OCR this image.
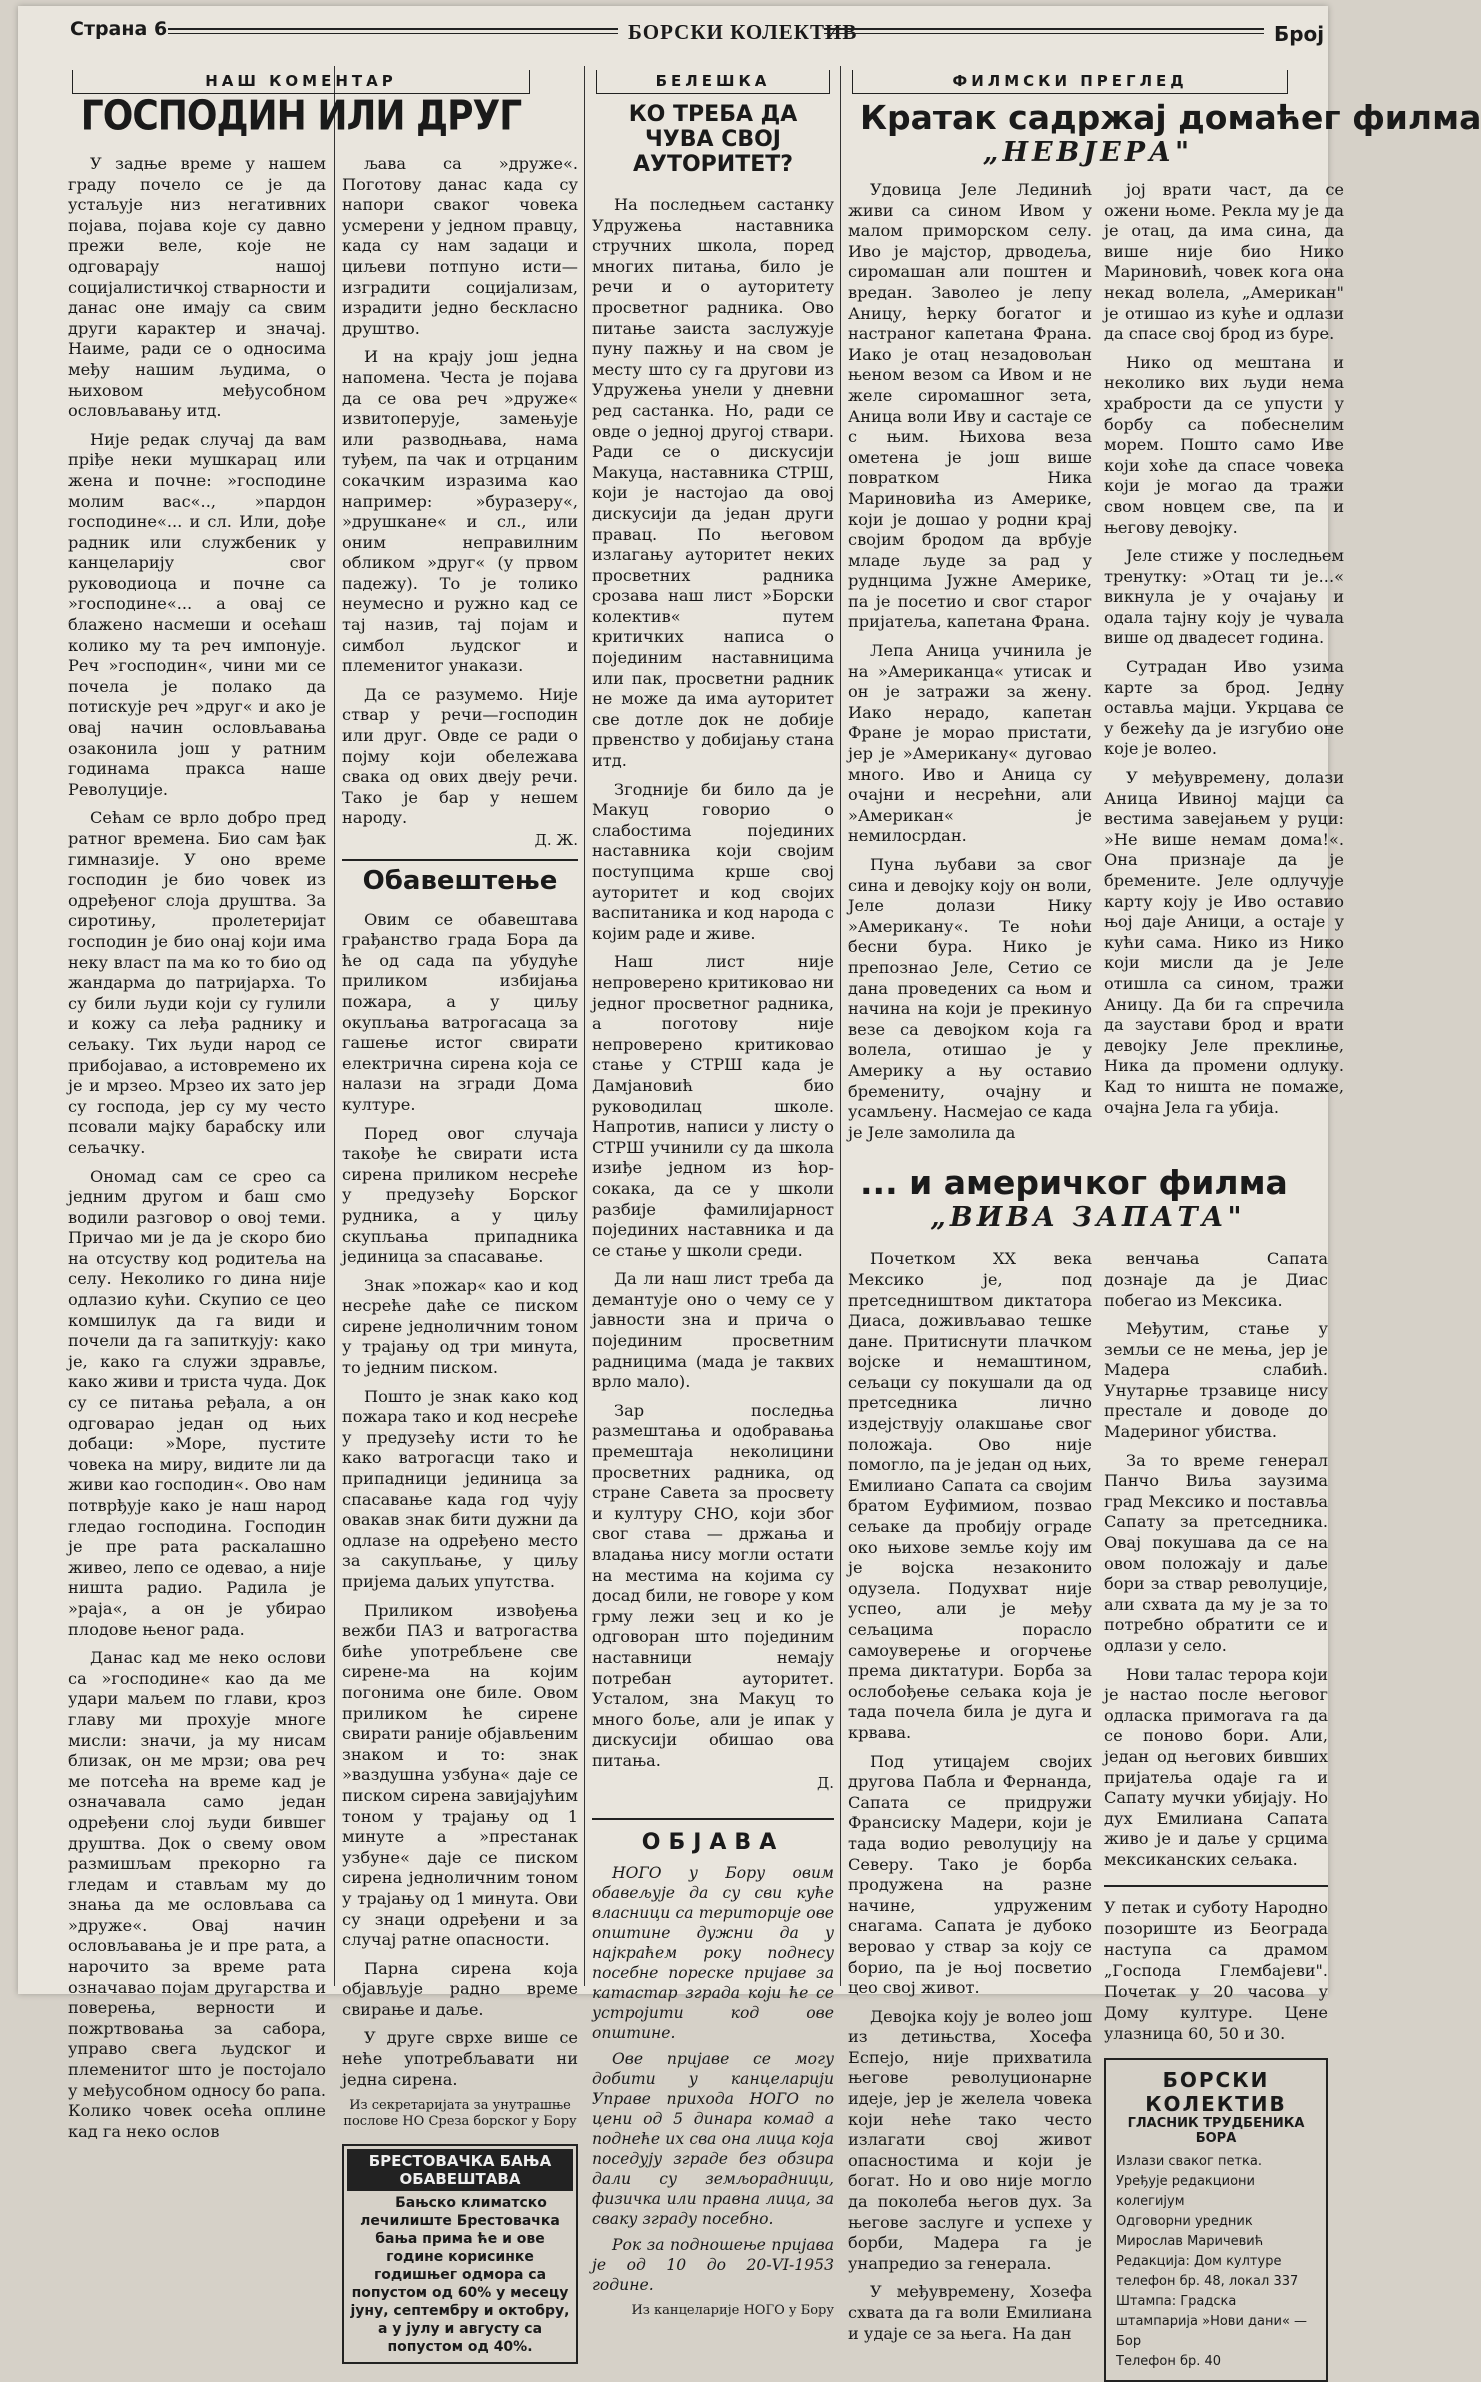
Страна 6	БОРСКИ КОЛЕКТИВ	Број
НАШ КОМЕНТАР
ГОСПОДИН ИЛИ ДРУГ

У задње време у нашем граду почело се је да устаљује низ негативних појава, појава које су давно прежи веле, које не одговарају нашој социјалистичкој стварности и данас оне имају са свим други карактер и значај. Наиме, ради се о односима међу нашим људима, о њиховом међусобном ословљавању итд.

Није редак случај да вам прiђе неки мушкарац или жена и почне: »господине молим вас«.., »пардон господине«... и сл. Или, дође радник или службеник у канцеларију свог руководиоца и почне са »господине«... а овај се блажено насмеши и осећаш колико му та реч импонује. Реч »господин«, чини ми се почела је полако да потискује реч »друг« и ако је овај начин ословљавања озаконила још у ратним годинама пракса наше Револуције.

Сећам се врло добро пред ратног времена. Био сам ђак гимназије. У оно време господин је био човек из одређеног слоја друштва. За сиротињу, пролетеријат господин је био онај који има неку власт па ма ко то био од жандарма до патријарха. То су били људи који су гулили и кожу са леђа раднику и сељаку. Тих људи народ се прибојавао, а истовремено их је и мрзео. Мрзео их зато јер су господа, јер су му често псовали мајку барабску или сељачку.

Ономад сам се срео са једним другом и баш смо водили разговор о овој теми. Причао ми је да је скоро био на отсуству код родитеља на селу. Неколико го дина није одлазио кући. Скупио се цео комшилук да га види и почели да га запиткују: како је, како га служи здравље, како живи и триста чуда. Док су се питања ређала, а он одговарао један од њих добаци: »Море, пустите човека на миру, видите ли да живи као господин«. Ово нам потврђује како је наш народ гледао господина. Господин је пре рата раскалашно живео, лепо се одевао, а није ништа радио. Радила је »раја«, а он је убирао плодове њеног рада.

Данас кад ме неко ослови са »господине« као да ме удари маљем по глави, кроз главу ми прохује многе мисли: значи, ја му нисам близак, он ме мрзи; ова реч ме потсећа на време кад је означавала само један одређени слој људи бившег друштва. Док о свему овом размишљам прекорно га гледам и стављам му до знања да ме ословљава са »друже«. Овај начин ословљавања је и пре рата, а нарочито за време рата означавао појам другарства и поверења, верности и пожртвовања за сабора, управо свега људског и племенитог што је постојало у међусобном односу бо рапа. Колико човек осећа оплине кад га неко ослов

љава са »друже«. Поготову данас када су напори сваког човека усмерени у једном правцу, када су нам задаци и циљеви потпуно исти—изградити социјализам, израдити једно бескласно друштво.

И на крају још једна напомена. Честа је појава да се ова реч »друже« извитоперује, замењује или разводњава, нама туђем, па чак и отрцаним сокачким изразима као например: »буразеру«, »друшкане« и сл., или оним неправилним обликом »друг« (у првом падежу). То је толико неумесно и ружно кад се тај назив, тај појам и симбол људског и племенитог унакази.

Да се разумемо. Није ствар у речи—господин или друг. Овде се ради о пojму који обележава свака од ових двеју речи. Тако је бар у нешем народу.

Д. Ж.
Обавештење

Овим се обавештава грађанство града Бора да ће од сада па убудуће приликом избијања пожара, а у циљу окупљања ватрогасаца за гашење истог свирати електрична сирена која се налази на згради Дома културе.

Поред овог случаја такође ће свирати иста сирена приликом несреће у предузећу Борског рудника, а у циљу скупљања припадника јединица за спасавање.

Знак »пожар« као и код несреће даће се писком сирене једноличним тоном у трајању од три минута, то једним писком.

Пошто је знак како код пожара тако и код несреће у предузећу исти то ће како ватрогасци тако и припадници јединица за спасавање када год чују овакав знак бити дужни да одлазе на одређено место за сакупљање, у циљу пријема даљих упутства.

Приликом извођења вежби ПАЗ и ватрогаства биће употребљене све сирене-ма на којим погонима оне биле. Овом приликом ће сирене свирати раније објављеним знаком и то: знак »ваздушна узбуна« даје се писком сирена завијајућим тоном у трајању од 1 минуте а »престанак узбуне« даје се писком сирена једноличним тоном у трајању од 1 минута. Ови су знаци одређени и за случај ратне опасности.

Парна сирена која објављује радно време свирање и даље.

У друге сврхе више се неће употребљавати ни једна сирена.

Из секретаријата за унутрашње послове НО Среза борског у Бору
БРЕСТОВАЧКА БАЊА ОБАВЕШТАВА

Бањско климатско лечилиште Брестовачка бања прима ће и ове године корисинке годишњег одмора са попустом од 60% у месецу јуну, септембру и октобру, а у јулу и августу са попустом од 40%.

БЕЛЕШКА
КО ТРЕБА ДА ЧУВА СВОЈ АУТОРИТЕТ?

На последњем састанку Удружења наставника стручних школа, поред многих питања, било је речи и о ауторитету просветног радника. Ово питање заиста заслужује пуну пажњу и на свом је месту што су га другови из Удружења унели у дневни ред састанка. Но, ради се овде о једној другој ствари. Ради се о дискусији Макуца, наставника СТРШ, који је настојао да овој дискусији да један други правац. По његовом излагању ауторитет неких просветних радника срозава наш лист »Борски колектив« путем критичких написа о појединим наставницима или пак, просветни радник не може да има ауторитет све дотле док не добије првенство у добијању стана итд.

Згодније би било да је Макуц говорио о слабостима појединих наставника који својим поступцима крше свој ауторитет и код својих васпитаника и код народа с којим раде и живе.

Наш лист није непроверено критиковао ни једног просветног радника, а поготову није непроверено критиковао стање у СТРШ када је Дамјановић био руководилац школе. Напротив, написи у листу о СТРШ учинили су да школа изиђе једном из ћор-сокака, да се у школи разбије фамилијарност појединих наставника и да се стање у школи среди.

Да ли наш лист треба да демантује оно о чему се у јавности зна и прича о појединим просветним радницима (мада је таквих врло мало).

Зар последња размештања и одобравања премештаја неколицини просветних радника, од стране Савета за просвету и културу СНО, који због свог става — држања и владања нису могли остати на местима на којима су досад били, не говоре у ком грму лежи зец и ко је одговоран што појединим наставници немају потребан ауторитет. Усталом, зна Макуц то много боље, али је ипак у дискусији обишао ова питања.

Д.
ОБЈАВА

НОГО у Бору овим обавељује да су сви куће власници са територије ове општине дужни да у најкраћем року поднесу посебне пореске пријаве за катастар зграда који ће се устројити код ове општине.

Ове пријаве се могу добити у канцеларији Управе прихода НОГО по цени од 5 динара комад а поднеће их сва она лица која поседују зграде без обзира дали су земљорадници, физичка или правна лица, за сваку зграду посебно.

Рок за подношење пријава је од 10 до 20-VI-1953 године.

Из канцеларије НОГО у Бору
ФИЛМСКИ ПРЕГЛЕД
Кратак садржај домаћег филма
„НЕВЈЕРА"

Удовица Јеле Лединић живи са сином Ивом у малом приморском селу. Иво је мајстор, дрводеља, сиромашан али поштен и вредан. Заволео је лепу Аницу, ћерку богатог и настраног капетана Франа. Иако је отац незадовољан њеном везом са Ивом и не желе сиромашног зета, Аница воли Иву и састаје се с њим. Њихова веза ометена је још више повратком Ника Мариновића из Америке, који је дошао у родни крај својим бродом да врбује младе људе за рад у руднцима Јужне Америке, па је посетио и свог старог пријатеља, капетана Франа.

Лепа Аница учинила је на »Американца« утисак и он је затражи за жену. Иако нерадо, капетан Фране је морао пристати, јер је »Американу« дуговао много. Иво и Аница су очајни и несрећни, али »Американ« је немилосрдан.

Пуна љубави за свог сина и девојку коју он воли, Јеле долази Нику »Американу«. Те ноћи бесни бура. Нико је препознао Јеле, Сетио се дана проведених са њом и начина на који је прекинуо везе са девојком која га волела, отишао је у Америку а њу оставио бремениту, очајну и усамљену. Насмејао се када је Јеле замолила да

јој врати част, да се ожени њоме. Рекла му је да је отац, да има сина, да више није био Нико Мариновић, човек кога она некад волела, „Американ" је отишао из куће и одлази да спасе свој брод из буре.

Нико од мештана и неколико вих људи нема храбрости да се упусти у борбу са побеснелим морем. Пошто само Иве који хоће да спасе човека који је могао да тражи свом новцем све, па и његову девојку.

Јеле стиже у последњем тренутку: »Отац ти је...« викнула је у очајању и одала тајну коју је чувала више од двадесет година.

Сутрадан Иво узима карте за брод. Једну оставља мајци. Укрцава се у бежећу да је изгубио оне које је волео.

У међувремену, долази Аница Ивиној мајци са вестима завејањем у руци: »Не више немам дома!«. Она признаје да је бремените. Јеле одлучује карту коју је Иво оставио њој даје Аници, а остаје у кући сама. Нико из Нико који мисли да је Јеле отишла са сином, тражи Аницу. Да би га спречила да заустави брод и врати девојку Јеле преклиње, Ника да промени одлуку. Кад то ништа не помаже, очајна Јела га убија.

... и америчког филма
„ВИВА ЗАПАТА"

Почетком XX века Мексико је, под претседништвом диктатора Диаса, доживљавао тешке дане. Притиснути плачком војске и немаштином, сељаци су покушали да од претседника лично издејствују олакшање свог положаја. Ово није помогло, па је један од њих, Емилиано Сапата са својим братом Еуфимиом, позвао сељаке да пробију ограде око њихове земље коју им је војска незаконито одузела. Подухват није успео, али је међу сељацима порасло самоуверење и огорчење према диктатури. Борба за ослобођење сељака која је тада почела била је дуга и крвава.

Под утицајем својих другова Пабла и Фернанда, Сапата се придружи Франсиску Мадери, који је тада водио револуцију на Северу. Тако је борба продужена на разне начине, удруженим снагама. Сапата је дубоко веровао у ствар за коју се борио, па је њој посветио цео свој живот.

Девојка коју је волео још из детињства, Хосефа Еспејо, није прихватила његове револуционарне идеје, јер је желела човека који неће тако често излагати свој живот опасностима и који је богат. Но и ово није могло да поколеба његов дух. За његове заслуге и успехе у борби, Мадера га је унапредио за генерала.

У међувремену, Хозефа схвата да га воли Емилиана и удаје се за њега. На дан

венчања Сапата дознаје да је Диас побегао из Мексика.

Међутим, стање у земљи се не мења, јер је Мадера слабић. Унутарње трзавице нису престале и доводе до Мадериног убиства.

За то време генерал Панчо Виља заузима град Мексико и поставља Сапату за претседника. Овај покушава да се на овом положају и даље бори за ствар револуције, али схвата да му је за то потребно обратити се и одлази у село.

Нови талас терора који је настао после његовог одласка примorava га да се поново бори. Али, један од његових бивших пријатеља одаје га и Сапату мучки убијају. Но дух Емилиана Сапата живо је и даље у срцима мексиканских сељака.

У петак и суботу Народно позориште из Београда наступа са драмом „Господа Глембајеви". Почетак у 20 часова у Дому културе. Цене улазница 60, 50 и 30.
БОРСКИ КОЛЕКТИВ
ГЛАСНИК ТРУДБЕНИКА БОРА
Излази сваког петка.
Уређује редакциони колегијум
Одговорни уредник Мирослав Маричевић
Редакција: Дом културе телефон бр. 48, локал 337
Штампа: Градска штампарија »Нови дани« — Бор
Телефон бр. 40
